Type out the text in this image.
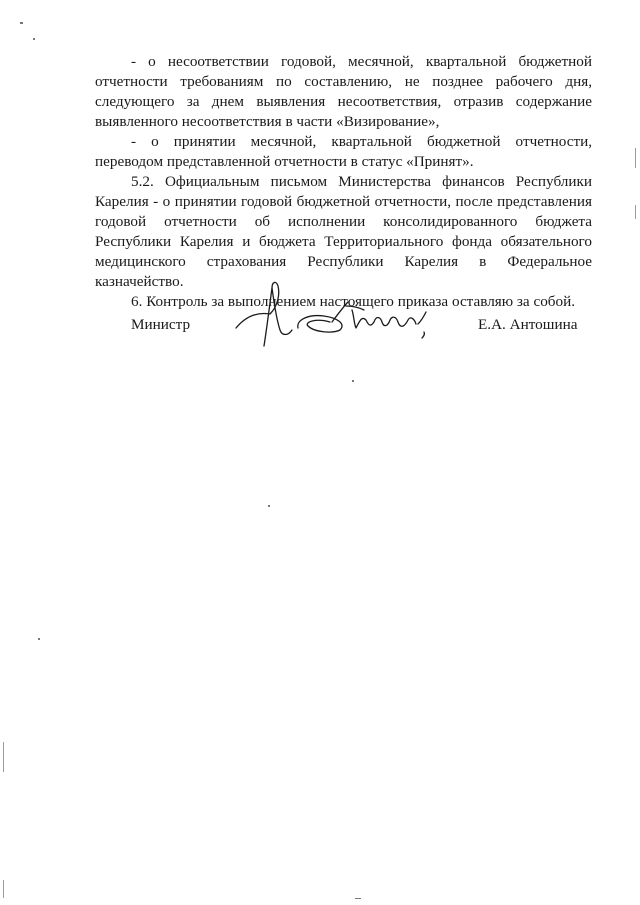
- о несоответствии годовой, месячной, квартальной бюджетной отчетности требованиям по составлению, не позднее рабочего дня, следующего за днем выявления несоответствия, отразив содержание выявленного несоответствия в части «Визирование»,

- о принятии месячной, квартальной бюджетной отчетности, переводом представленной отчетности в статус «Принят».

5.2. Официальным письмом Министерства финансов Республики Карелия - о принятии годовой бюджетной отчетности, после представления годовой отчетности об исполнении консолидированного бюджета Республики Карелия и бюджета Территориального фонда обязательного медицинского страхования Республики Карелия в Федеральное казначейство.

6. Контроль за выполнением настоящего приказа оставляю за собой.

Министр	Е.А. Антошина
